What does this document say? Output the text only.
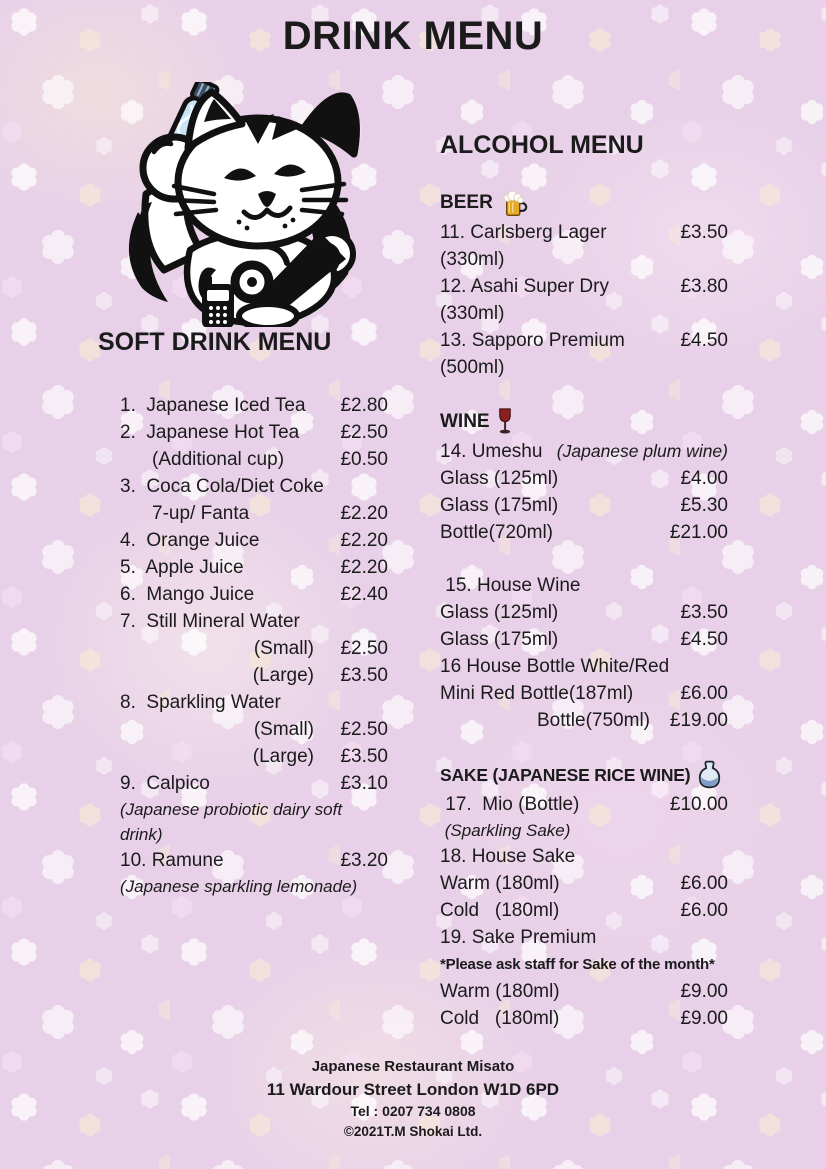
DRINK MENU
SOFT DRINK MENU
1.  Japanese Iced Tea	£2.80
2.  Japanese Hot Tea	£2.50
(Additional cup)	£0.50
3.  Coca Cola/Diet Coke
7-up/ Fanta	£2.20
4.  Orange Juice	£2.20
5.  Apple Juice	£2.20
6.  Mango Juice	£2.40
7.  Still Mineral Water
(Small)	£2.50
(Large)	£3.50
8.  Sparkling Water
(Small)	£2.50
(Large)	£3.50
9.  Calpico	£3.10
(Japanese probiotic dairy soft drink)
10. Ramune	£3.20
(Japanese sparkling lemonade)
ALCOHOL MENU
BEER
11. Carlsberg Lager	£3.50
(330ml)
12. Asahi Super Dry	£3.80
(330ml)
13. Sapporo Premium	£4.50
(500ml)
WINE
14. Umeshu (Japanese plum wine)
Glass (125ml)	£4.00
Glass (175ml)	£5.30
Bottle(720ml)	£21.00
15. House Wine
Glass (125ml)	£3.50
Glass (175ml)	£4.50
16 House Bottle White/Red
Mini Red Bottle(187ml)	£6.00
Bottle(750ml)	£19.00
SAKE (JAPANESE RICE WINE)
17.  Mio (Bottle)	£10.00
(Sparkling Sake)
18. House Sake
Warm (180ml)	£6.00
Cold   (180ml)	£6.00
19. Sake Premium
*Please ask staff for Sake of the month*
Warm (180ml)	£9.00
Cold   (180ml)	£9.00
Japanese Restaurant Misato
11 Wardour Street London W1D 6PD
Tel : 0207 734 0808
©2021T.M Shokai Ltd.
